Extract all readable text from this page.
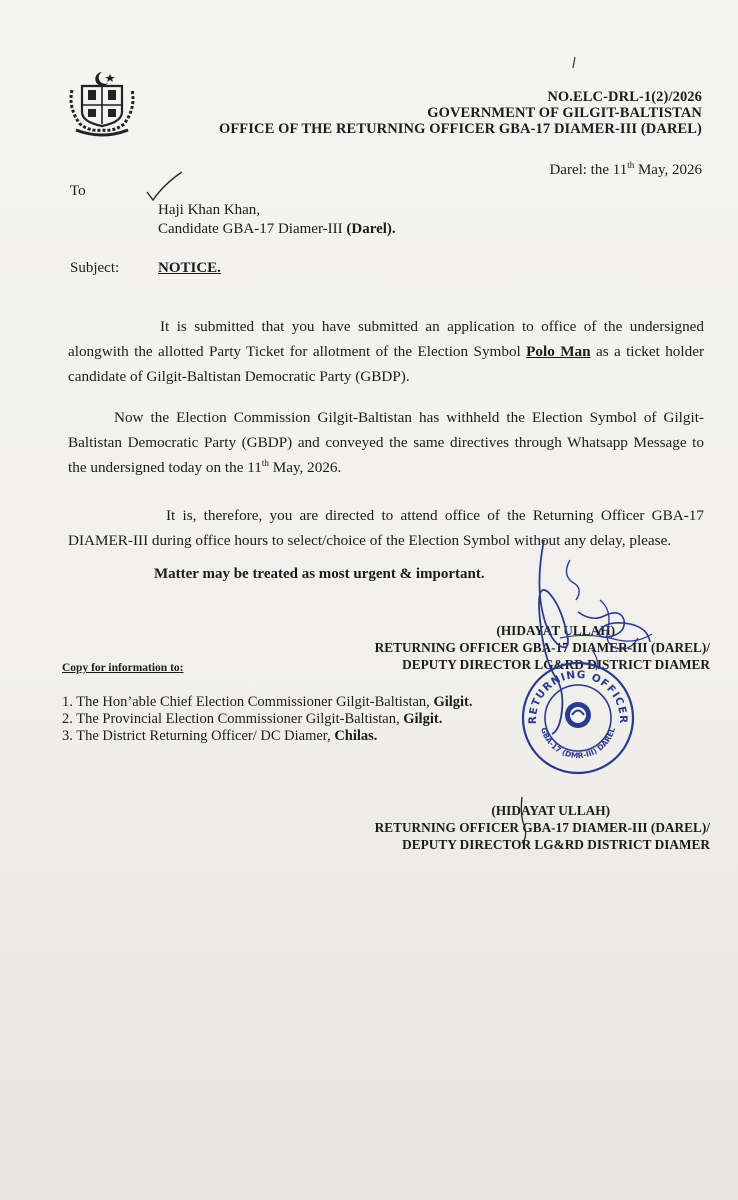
NO.ELC-DRL-1(2)/2026
GOVERNMENT OF GILGIT-BALTISTAN
OFFICE OF THE RETURNING OFFICER GBA-17 DIAMER-III (DAREL)
Darel: the 11th May, 2026
To
Haji Khan Khan,
Candidate GBA-17 Diamer-III (Darel).
Subject:	NOTICE.

It is submitted that you have submitted an application to office of the undersigned alongwith the allotted Party Ticket for allotment of the Election Symbol Polo Man as a ticket holder candidate of Gilgit-Baltistan Democratic Party (GBDP).

Now the Election Commission Gilgit-Baltistan has withheld the Election Symbol of Gilgit-Baltistan Democratic Party (GBDP) and conveyed the same directives through Whatsapp Message to the undersigned today on the 11th May, 2026.

It is, therefore, you are directed to attend office of the Returning Officer GBA-17 DIAMER-III during office hours to select/choice of the Election Symbol without any delay, please.

Matter may be treated as most urgent & important.
(HIDAYAT ULLAH)
RETURNING OFFICER GBA-17 DIAMER-III (DAREL)/
DEPUTY DIRECTOR LG&RD DISTRICT DIAMER
Copy for information to:
1. The Hon’able Chief Election Commissioner Gilgit-Baltistan, Gilgit.
2. The Provincial Election Commissioner Gilgit-Baltistan, Gilgit.
3. The District Returning Officer/ DC Diamer, Chilas.
RETURNING OFFICER
GBA-17 (DMR-III) DAREL
(HIDAYAT ULLAH)
RETURNING OFFICER GBA-17 DIAMER-III (DAREL)/
DEPUTY DIRECTOR LG&RD DISTRICT DIAMER
